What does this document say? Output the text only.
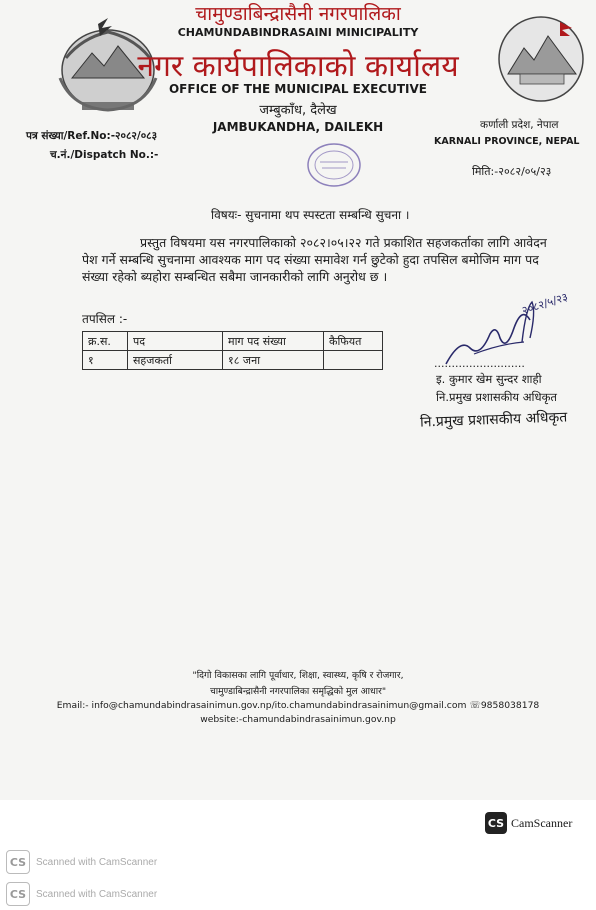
चामुण्डाबिन्द्रासैनी नगरपालिका
CHAMUNDABINDRASAINI MINICIPALITY
नगर कार्यपालिकाको कार्यालय
OFFICE OF THE MUNICIPAL EXECUTIVE
जम्बुकाँध, दैलेख
JAMBUKANDHA, DAILEKH
पत्र संख्या/Ref.No:-२०८२/०८३
च.नं./Dispatch No.:-
कर्णाली प्रदेश, नेपाल
KARNALI PROVINCE, NEPAL
मिति:-२०८२/०५/२३
विषयः- सुचनामा थप स्पस्टता सम्बन्धि सुचना ।
प्रस्तुत विषयमा यस नगरपालिकाको २०८२।०५।२२ गते प्रकाशित सहजकर्ताका लागि आवेदन
पेश गर्ने सम्बन्धि सुचनामा आवश्यक माग पद संख्या समावेश गर्न छुटेको हुदा तपसिल बमोजिम माग पद
संख्या रहेको ब्यहोरा सम्बन्धित सबैमा जानकारीको लागि अनुरोध छ ।
तपसिल :-
क्र.स.	पद	माग पद संख्या	कैफियत
१	सहजकर्ता	१८ जना	
२०८२/५/२३
..........................
इ. कुमार खेम सुन्दर शाही
नि.प्रमुख प्रशासकीय अधिकृत
नि.प्रमुख प्रशासकीय अधिकृत
"दिगो विकासका लागि पूर्वाधार, शिक्षा, स्वास्थ्य, कृषि र रोजगार,
चामुण्डाबिन्द्रासैनी नगरपालिका समृद्धिको मुल आधार"
Email:- info@chamundabindrasainimun.gov.np/ito.chamundabindrasainimun@gmail.com ☏9858038178
website:-chamundabindrasainimun.gov.np
CS CamScanner
CS Scanned with CamScanner
CS Scanned with CamScanner
